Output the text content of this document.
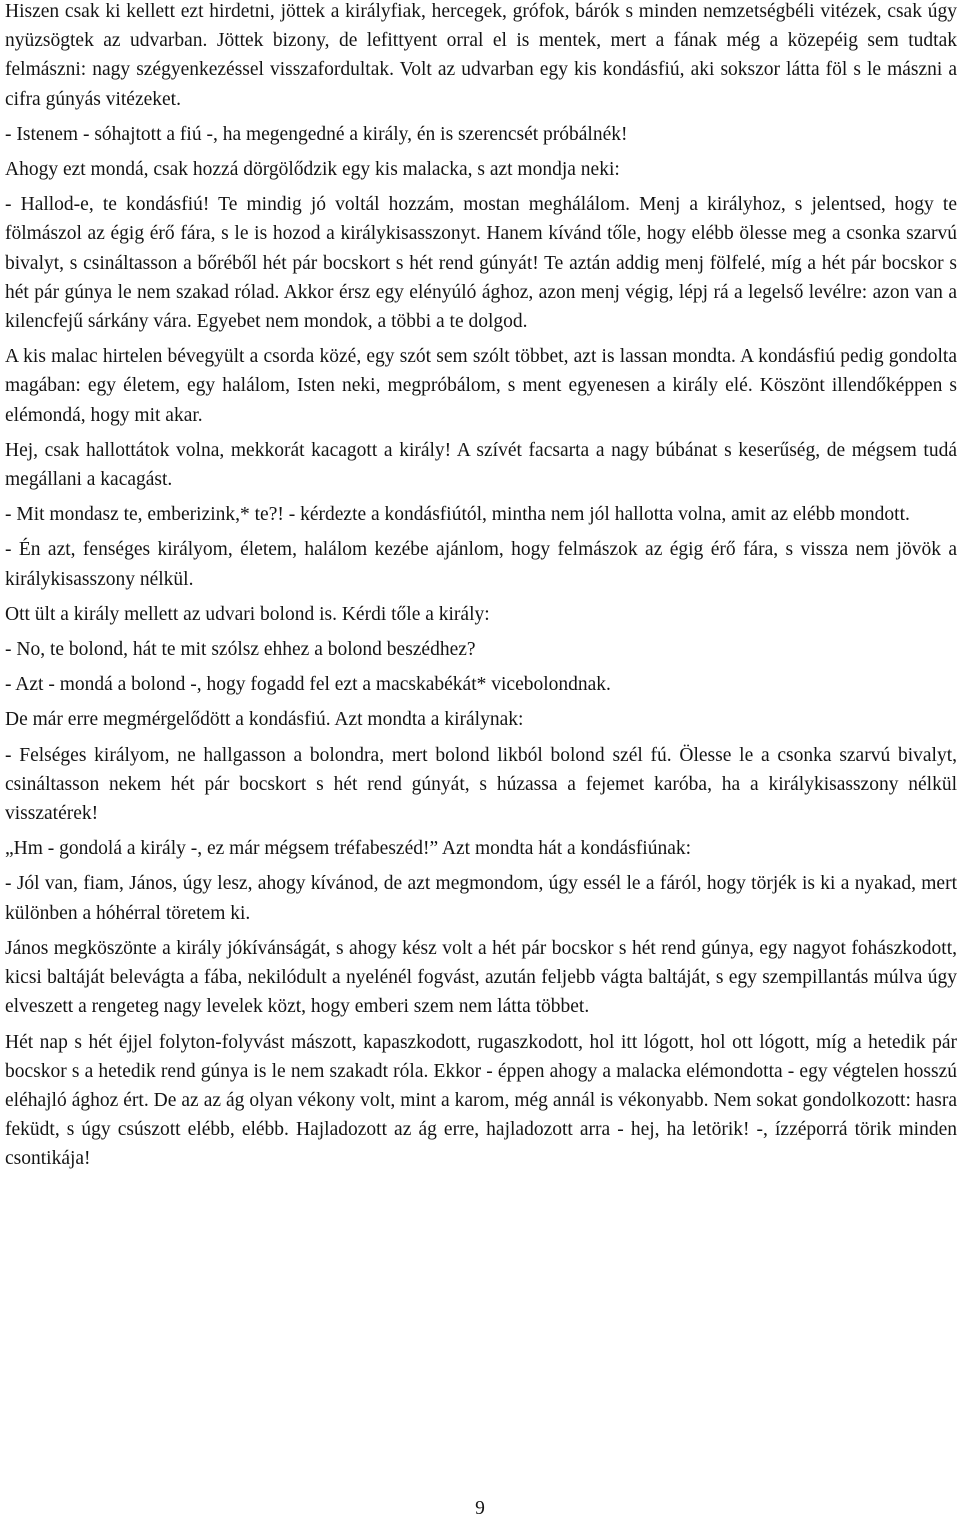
Hiszen csak ki kellett ezt hirdetni, jöttek a királyfiak, hercegek, grófok, bárók s minden nemzetségbéli vitézek, csak úgy nyüzsögtek az udvarban. Jöttek bizony, de lefittyent orral el is mentek, mert a fának még a közepéig sem tudtak felmászni: nagy szégyenkezéssel visszafordultak. Volt az udvarban egy kis kondásfiú, aki sokszor látta föl s le mászni a cifra gúnyás vitézeket.

- Istenem - sóhajtott a fiú -, ha megengedné a király, én is szerencsét próbálnék!

Ahogy ezt mondá, csak hozzá dörgölődzik egy kis malacka, s azt mondja neki:

- Hallod-e, te kondásfiú! Te mindig jó voltál hozzám, mostan meghálálom. Menj a királyhoz, s jelentsed, hogy te fölmászol az égig érő fára, s le is hozod a királykisasszonyt. Hanem kívánd tőle, hogy elébb ölesse meg a csonka szarvú bivalyt, s csináltasson a bőréből hét pár bocskort s hét rend gúnyát! Te aztán addig menj fölfelé, míg a hét pár bocskor s hét pár gúnya le nem szakad rólad. Akkor érsz egy elényúló ághoz, azon menj végig, lépj rá a legelső levélre: azon van a kilencfejű sárkány vára. Egyebet nem mondok, a többi a te dolgod.

A kis malac hirtelen bévegyült a csorda közé, egy szót sem szólt többet, azt is lassan mondta. A kondásfiú pedig gondolta magában: egy életem, egy halálom, Isten neki, megpróbálom, s ment egyenesen a király elé. Köszönt illendőképpen s elémondá, hogy mit akar.

Hej, csak hallottátok volna, mekkorát kacagott a király! A szívét facsarta a nagy búbánat s keserűség, de mégsem tudá megállani a kacagást.

- Mit mondasz te, emberizink,* te?! - kérdezte a kondásfiútól, mintha nem jól hallotta volna, amit az elébb mondott.

- Én azt, fenséges királyom, életem, halálom kezébe ajánlom, hogy felmászok az égig érő fára, s vissza nem jövök a királykisasszony nélkül.

Ott ült a király mellett az udvari bolond is. Kérdi tőle a király:

- No, te bolond, hát te mit szólsz ehhez a bolond beszédhez?

- Azt - mondá a bolond -, hogy fogadd fel ezt a macskabékát* vicebolondnak.

De már erre megmérgelődött a kondásfiú. Azt mondta a királynak:

- Felséges királyom, ne hallgasson a bolondra, mert bolond likból bolond szél fú. Ölesse le a csonka szarvú bivalyt, csináltasson nekem hét pár bocskort s hét rend gúnyát, s húzassa a fejemet karóba, ha a királykisasszony nélkül visszatérek!

„Hm - gondolá a király -, ez már mégsem tréfabeszéd!” Azt mondta hát a kondásfiúnak:

- Jól van, fiam, János, úgy lesz, ahogy kívánod, de azt megmondom, úgy essél le a fáról, hogy törjék is ki a nyakad, mert különben a hóhérral töretem ki.

János megköszönte a király jókívánságát, s ahogy kész volt a hét pár bocskor s hét rend gúnya, egy nagyot fohászkodott, kicsi baltáját belevágta a fába, nekilódult a nyelénél fogvást, azután feljebb vágta baltáját, s egy szempillantás múlva úgy elveszett a rengeteg nagy levelek közt, hogy emberi szem nem látta többet.

Hét nap s hét éjjel folyton-folyvást mászott, kapaszkodott, rugaszkodott, hol itt lógott, hol ott lógott, míg a hetedik pár bocskor s a hetedik rend gúnya is le nem szakadt róla. Ekkor - éppen ahogy a malacka elémondotta - egy végtelen hosszú eléhajló ághoz ért. De az az ág olyan vékony volt, mint a karom, még annál is vékonyabb. Nem sokat gondolkozott: hasra feküdt, s úgy csúszott elébb, elébb. Hajladozott az ág erre, hajladozott arra - hej, ha letörik! -, ízzéporrá törik minden csontikája!

9
